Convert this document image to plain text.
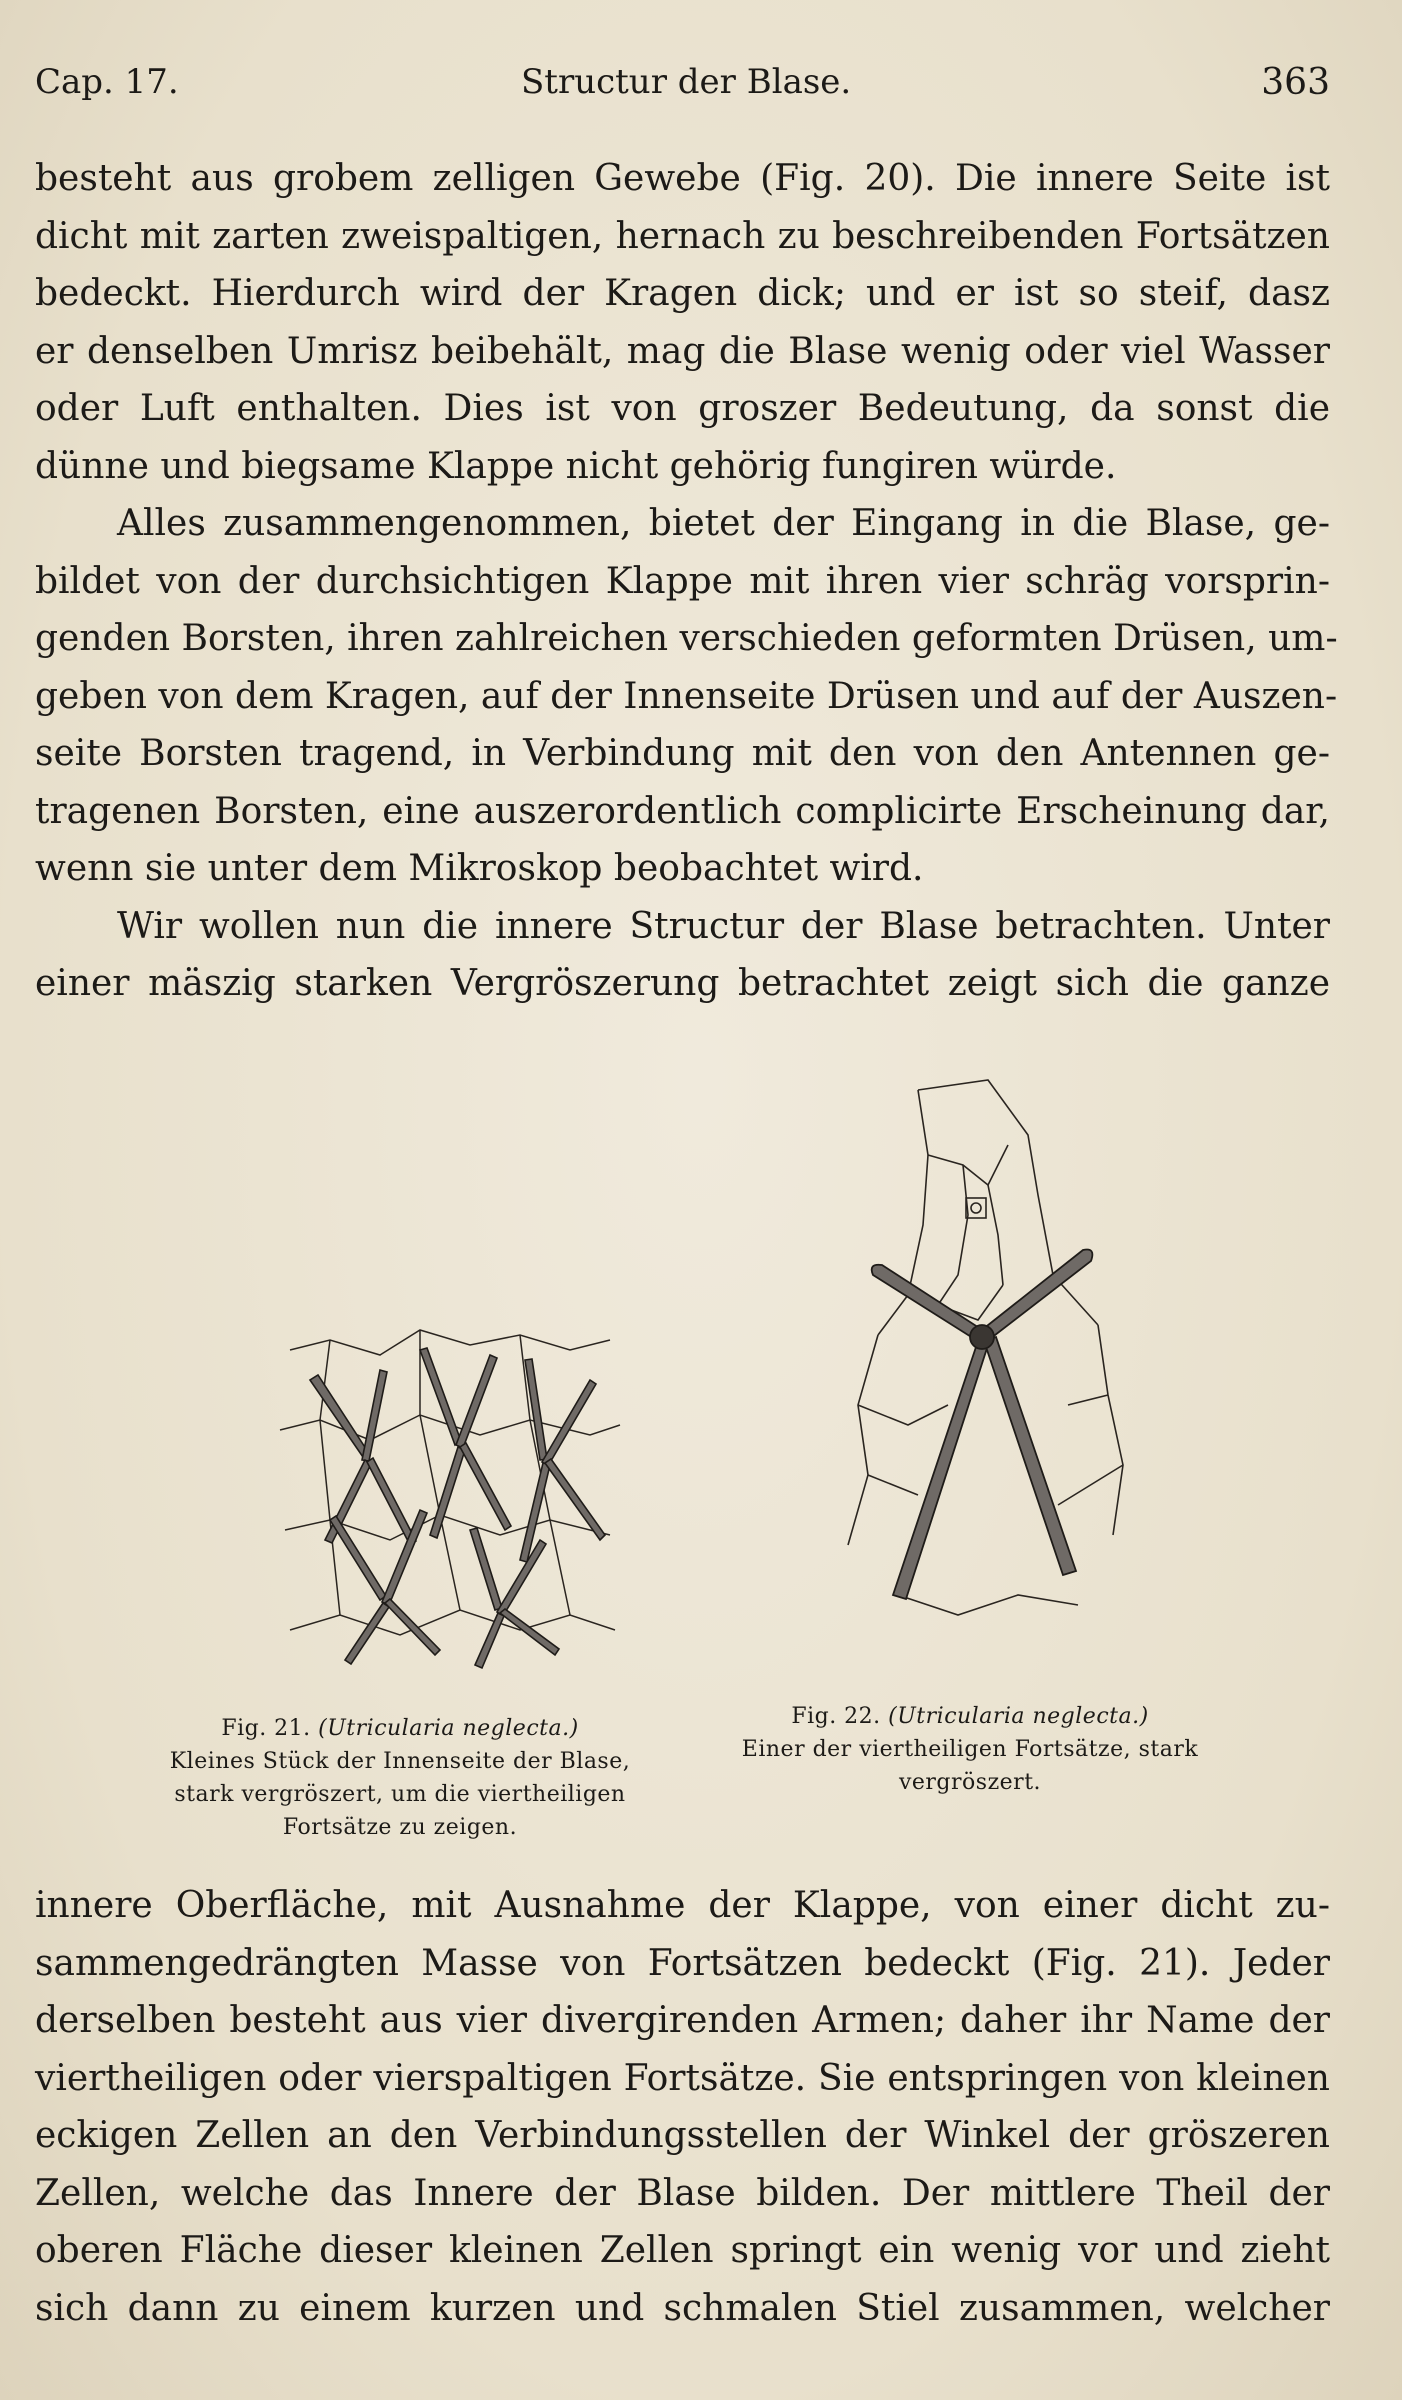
Cap. 17.	Structur der Blase.	363
besteht aus grobem zelligen Gewebe (Fig. 20). Die innere Seite ist
dicht mit zarten zweispaltigen, hernach zu beschreibenden Fortsätzen
bedeckt. Hierdurch wird der Kragen dick; und er ist so steif, dasz
er denselben Umrisz beibehält, mag die Blase wenig oder viel Wasser
oder Luft enthalten. Dies ist von groszer Bedeutung, da sonst die
dünne und biegsame Klappe nicht gehörig fungiren würde.
Alles zusammengenommen, bietet der Eingang in die Blase, ge-
bildet von der durchsichtigen Klappe mit ihren vier schräg vorsprin-
genden Borsten, ihren zahlreichen verschieden geformten Drüsen, um-
geben von dem Kragen, auf der Innenseite Drüsen und auf der Auszen-
seite Borsten tragend, in Verbindung mit den von den Antennen ge-
tragenen Borsten, eine auszerordentlich complicirte Erscheinung dar,
wenn sie unter dem Mikroskop beobachtet wird.
Wir wollen nun die innere Structur der Blase betrachten. Unter
einer mäszig starken Vergröszerung betrachtet zeigt sich die ganze
Fig. 21. (Utricularia neglecta.)
Kleines Stück der Innenseite der Blase,
stark vergröszert, um die viertheiligen
Fortsätze zu zeigen.
Fig. 22. (Utricularia neglecta.)
Einer der viertheiligen Fortsätze, stark
vergröszert.
innere Oberfläche, mit Ausnahme der Klappe, von einer dicht zu-
sammengedrängten Masse von Fortsätzen bedeckt (Fig. 21). Jeder
derselben besteht aus vier divergirenden Armen; daher ihr Name der
viertheiligen oder vierspaltigen Fortsätze. Sie entspringen von kleinen
eckigen Zellen an den Verbindungsstellen der Winkel der gröszeren
Zellen, welche das Innere der Blase bilden. Der mittlere Theil der
oberen Fläche dieser kleinen Zellen springt ein wenig vor und zieht
sich dann zu einem kurzen und schmalen Stiel zusammen, welcher
